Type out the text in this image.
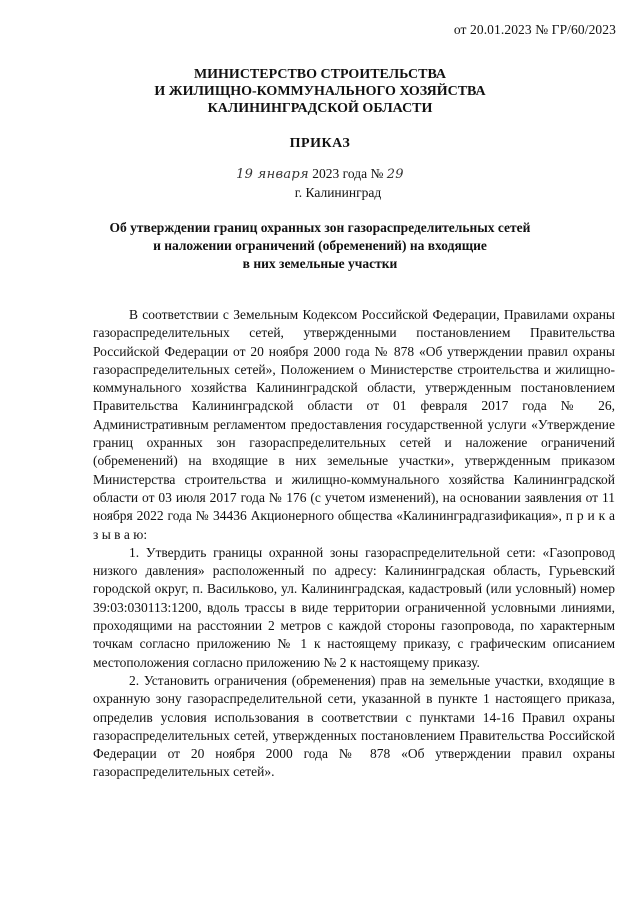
от 20.01.2023 № ГР/60/2023
МИНИСТЕРСТВО СТРОИТЕЛЬСТВА
И ЖИЛИЩНО-КОММУНАЛЬНОГО ХОЗЯЙСТВА
КАЛИНИНГРАДСКОЙ ОБЛАСТИ
ПРИКАЗ
19 января 2023 года № 29
г. Калининград
Об утверждении границ охранных зон газораспределительных сетей
и наложении ограничений (обременений) на входящие
в них земельные участки

В соответствии с Земельным Кодексом Российской Федерации, Правилами охраны газораспределительных сетей, утвержденными постановлением Правительства Российской Федерации от 20 ноября 2000 года № 878 «Об утверждении правил охраны газораспределительных сетей», Положением о Министерстве строительства и жилищно-коммунального хозяйства Калининградской области, утвержденным постановлением Правительства Калининградской области от 01 февраля 2017 года № 26, Административным регламентом предоставления государственной услуги «Утверждение границ охранных зон газораспределительных сетей и наложение ограничений (обременений) на входящие в них земельные участки», утвержденным приказом Министерства строительства и жилищно-коммунального хозяйства Калининградской области от 03 июля 2017 года № 176 (с учетом изменений), на основании заявления от 11 ноября 2022 года № 34436 Акционерного общества «Калининградгазификация», п р и к а з ы в а ю:

1. Утвердить границы охранной зоны газораспределительной сети: «Газопровод низкого давления» расположенный по адресу: Калининградская область, Гурьевский городской округ, п. Васильково, ул. Калининградская, кадастровый (или условный) номер 39:03:030113:1200, вдоль трассы в виде территории ограниченной условными линиями, проходящими на расстоянии 2 метров с каждой стороны газопровода, по характерным точкам согласно приложению № 1 к настоящему приказу, с графическим описанием местоположения согласно приложению № 2 к настоящему приказу.

2. Установить ограничения (обременения) прав на земельные участки, входящие в охранную зону газораспределительной сети, указанной в пункте 1 настоящего приказа, определив условия использования в соответствии с пунктами 14-16 Правил охраны газораспределительных сетей, утвержденных постановлением Правительства Российской Федерации от 20 ноября 2000 года № 878 «Об утверждении правил охраны газораспределительных сетей».
